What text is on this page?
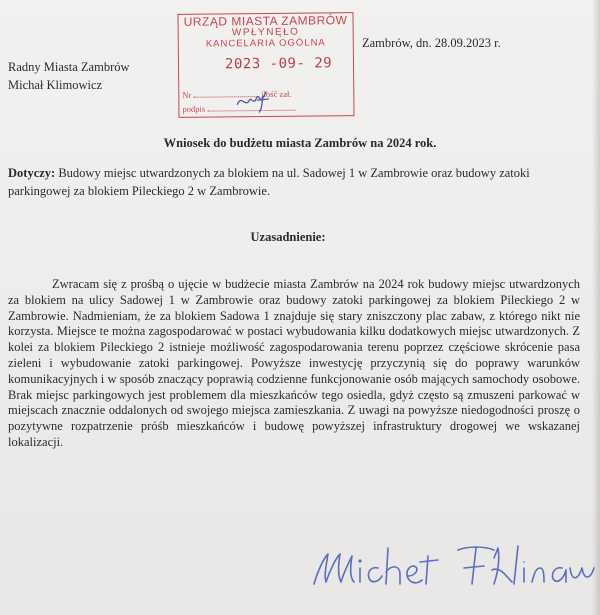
Radny Miasta Zambrów
Michał Klimowicz
Zambrów, dn. 28.09.2023 r.
URZĄD MIASTA ZAMBRÓW
WPŁYNĘŁO
KANCELARIA OGÓLNA
2023 -09- 29
Nr	ilość zał.
podpis
Wniosek do budżetu miasta Zambrów na 2024 rok.
Dotyczy: Budowy miejsc utwardzonych za blokiem na ul. Sadowej 1 w Zambrowie oraz budowy zatoki parkingowej za blokiem Pileckiego 2 w Zambrowie.
Uzasadnienie:
Zwracam się z prośbą o ujęcie w budżecie miasta Zambrów na 2024 rok budowy miejsc utwardzonych za blokiem na ulicy Sadowej 1 w Zambrowie oraz budowy zatoki parkingowej za blokiem Pileckiego 2 w Zambrowie. Nadmieniam, że za blokiem Sadowa 1 znajduje się stary zniszczony plac zabaw, z którego nikt nie korzysta. Miejsce te można zagospodarować w postaci wybudowania kilku dodatkowych miejsc utwardzonych. Z kolei za blokiem Pileckiego 2 istnieje możliwość zagospodarowania terenu poprzez częściowe skrócenie pasa zieleni i wybudowanie zatoki parkingowej. Powyższe inwestycję przyczynią się do poprawy warunków komunikacyjnych i w sposób znaczący poprawią codzienne funkcjonowanie osób mających samochody osobowe. Brak miejsc parkingowych jest problemem dla mieszkańców tego osiedla, gdyż często są zmuszeni parkować w miejscach znacznie oddalonych od swojego miejsca zamieszkania. Z uwagi na powyższe niedogodności proszę o pozytywne rozpatrzenie próśb mieszkańców i budowę powyższej infrastruktury drogowej we wskazanej lokalizacji.
